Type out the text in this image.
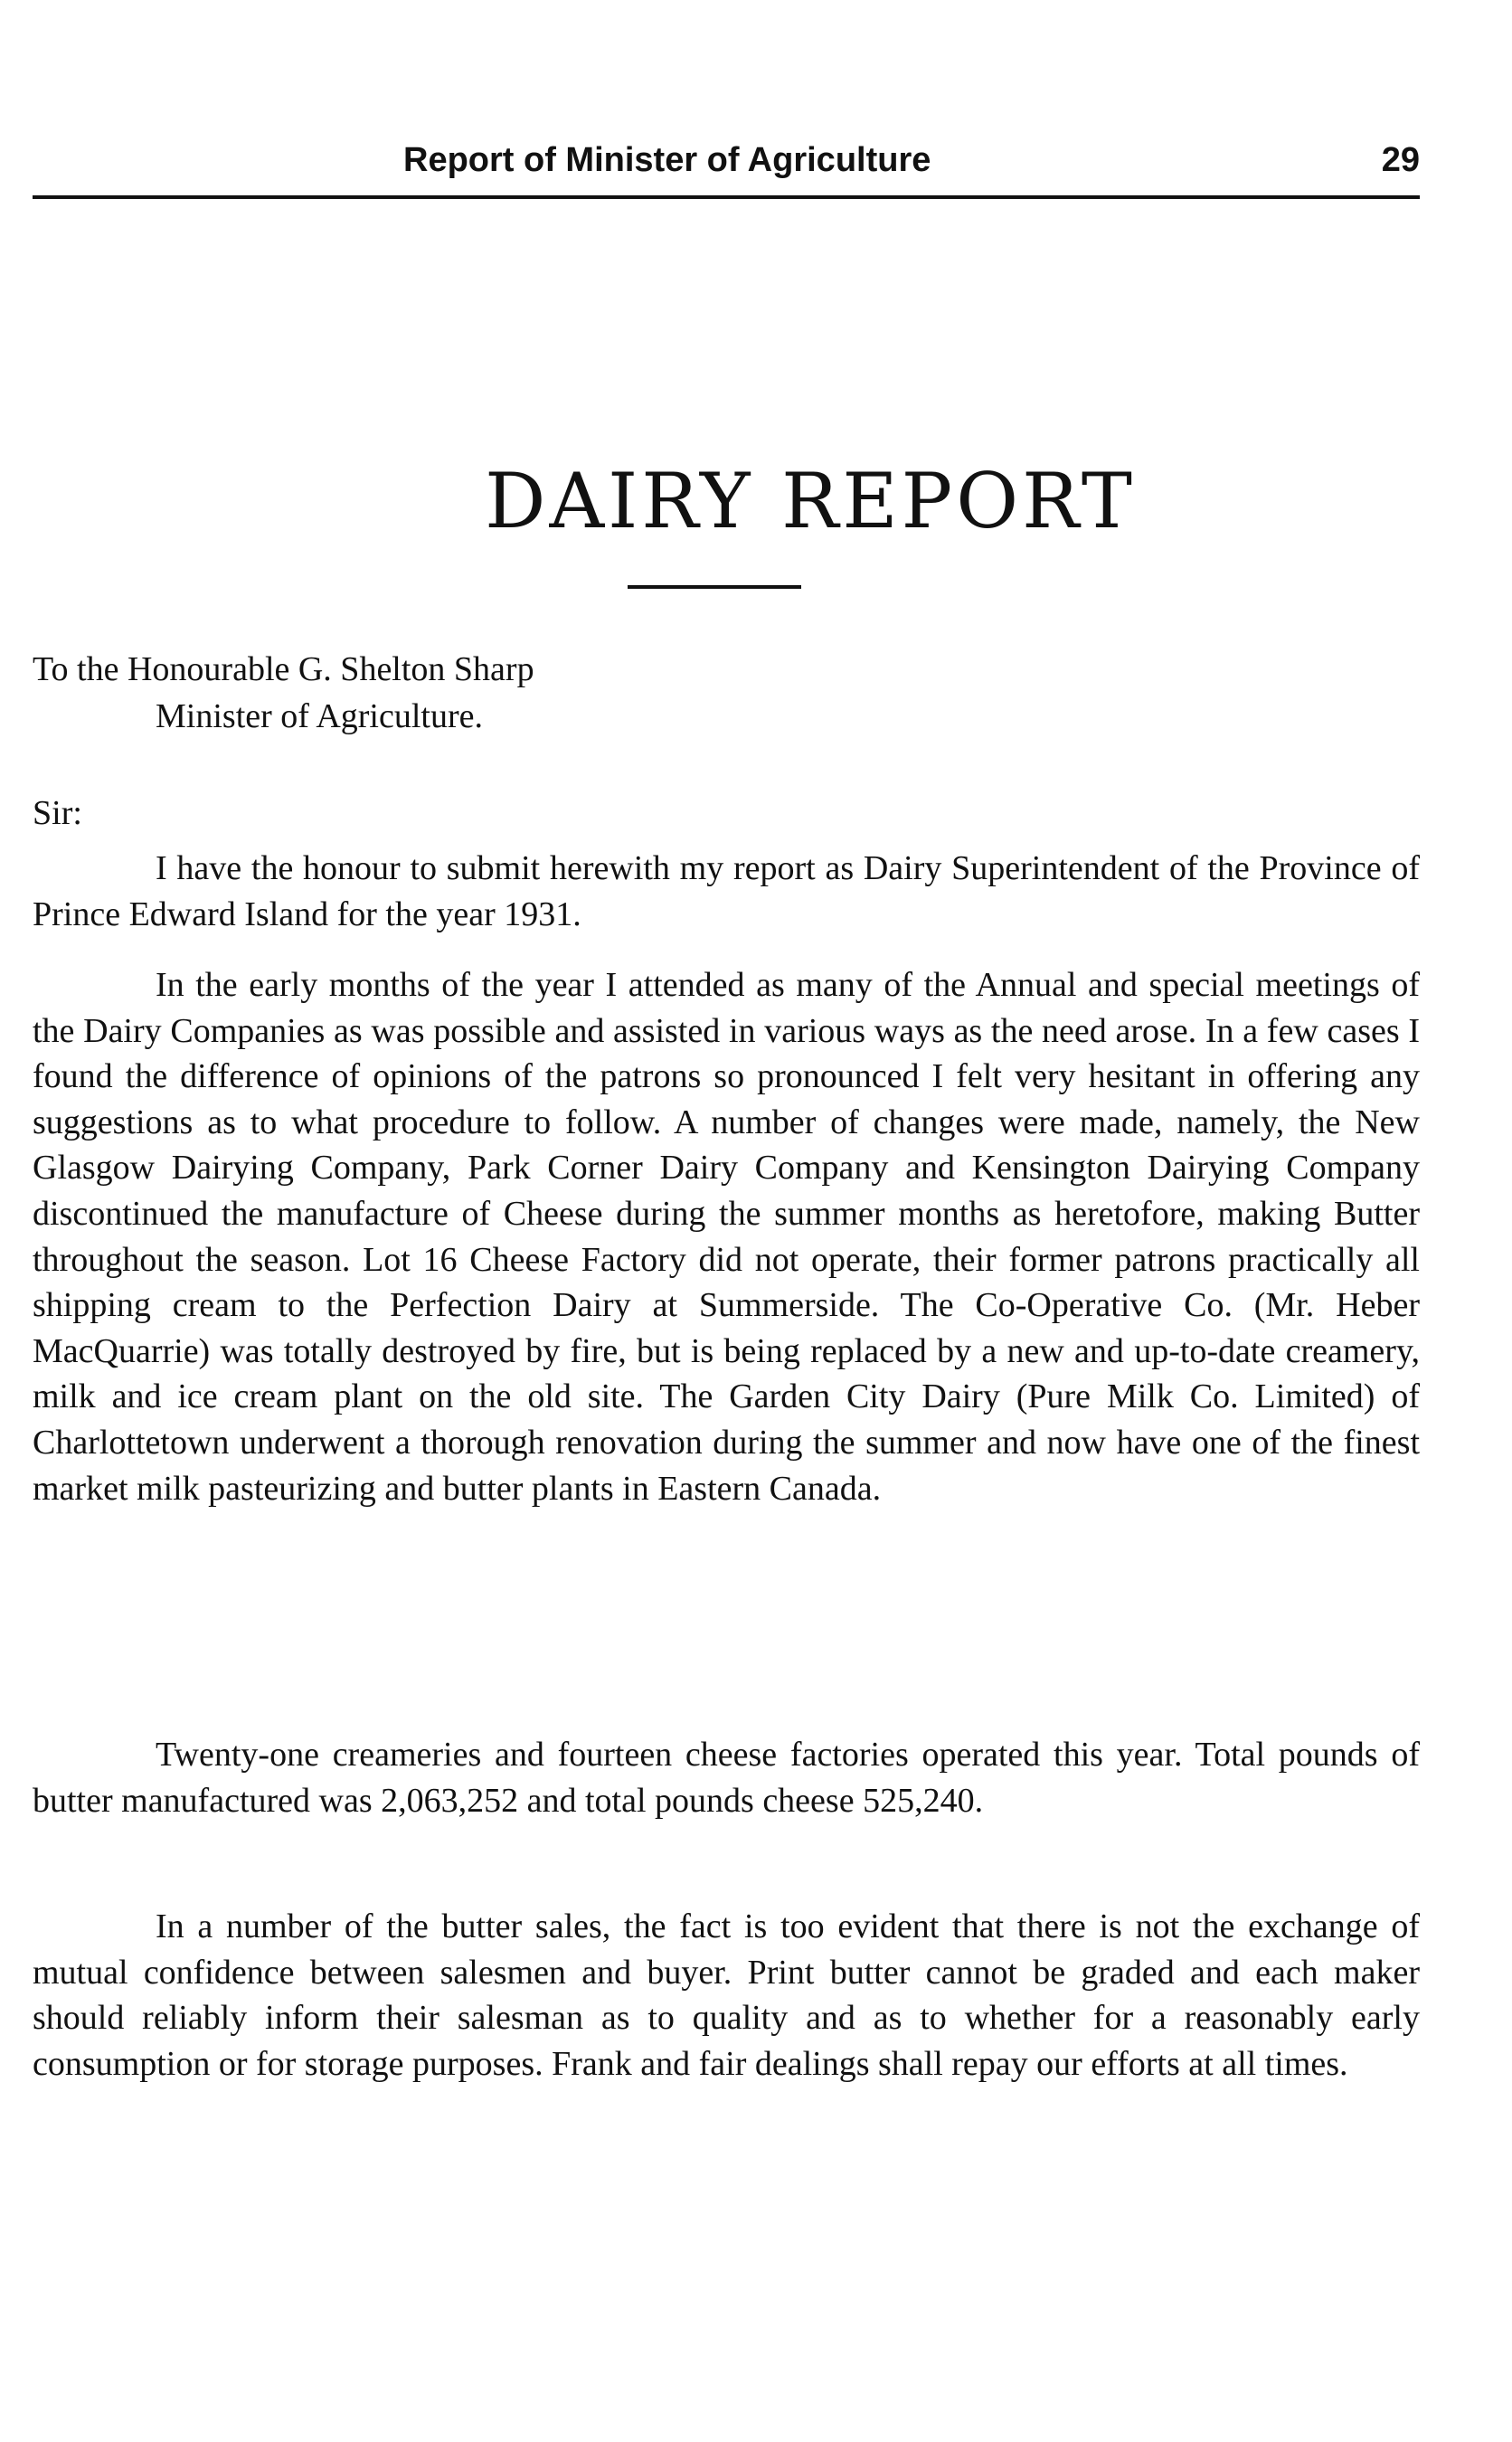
Report of Minister of Agriculture	29
DAIRY REPORT
To the Honourable G. Shelton Sharp
Minister of Agriculture.
Sir:

I have the honour to submit herewith my report as Dairy Superintendent of the Province of Prince Edward Island for the year 1931.

In the early months of the year I attended as many of the Annual and special meetings of the Dairy Companies as was possible and assisted in various ways as the need arose. In a few cases I found the difference of opinions of the patrons so pronounced I felt very hesitant in offering any suggestions as to what procedure to follow. A number of changes were made, namely, the New Glasgow Dairying Company, Park Corner Dairy Company and Kensington Dairying Company discontinued the manufacture of Cheese during the summer months as heretofore, making Butter throughout the season. Lot 16 Cheese Factory did not operate, their former patrons practically all shipping cream to the Perfection Dairy at Summerside. The Co-Operative Co. (Mr. Heber MacQuarrie) was totally destroyed by fire, but is being replaced by a new and up-to-date creamery, milk and ice cream plant on the old site. The Garden City Dairy (Pure Milk Co. Limited) of Charlottetown underwent a thorough renovation during the summer and now have one of the finest market milk pasteurizing and butter plants in Eastern Canada.

Twenty-one creameries and fourteen cheese factories operated this year. Total pounds of butter manufactured was 2,063,252 and total pounds cheese 525,240.

In a number of the butter sales, the fact is too evident that there is not the exchange of mutual confidence between salesmen and buyer. Print butter cannot be graded and each maker should reliably inform their salesman as to quality and as to whether for a reasonably early consumption or for storage purposes. Frank and fair dealings shall repay our efforts at all times.
